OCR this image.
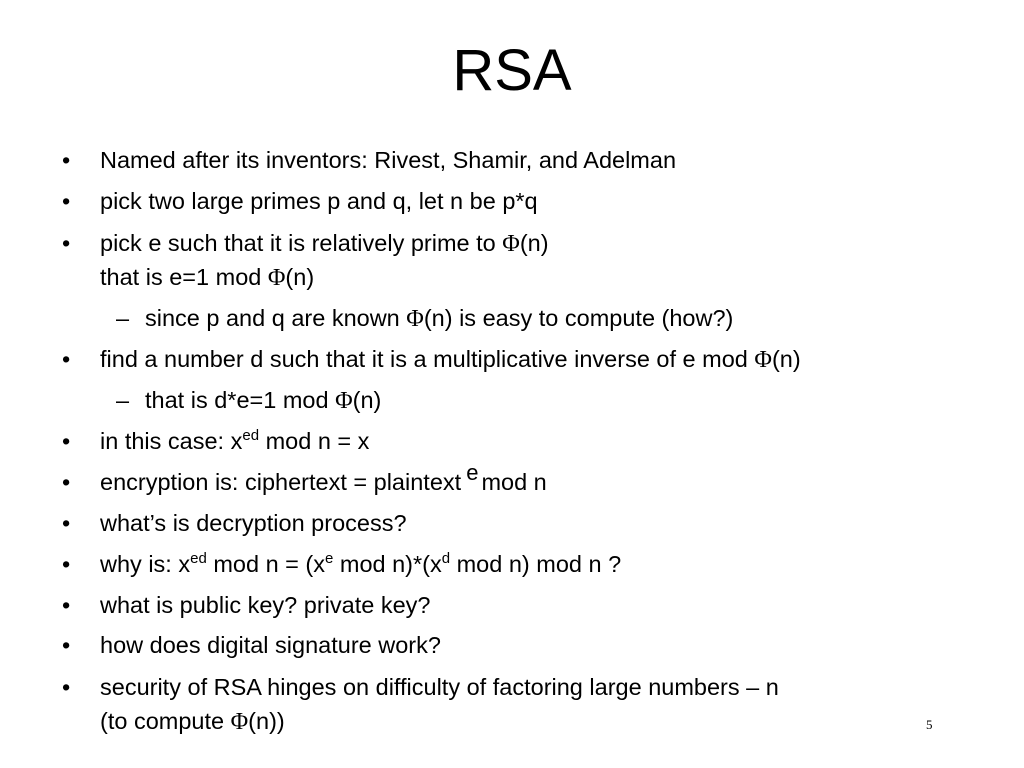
RSA
• Named after its inventors: Rivest, Shamir, and Adelman
• pick two large primes p and q, let n be p*q
• pick e such that it is relatively prime to Φ(n)
that is e=1 mod Φ(n)
– since p and q are known Φ(n) is easy to compute (how?)
• find a number d such that it is a multiplicative inverse of e mod Φ(n)
– that is d*e=1 mod Φ(n)
• in this case: $x^{ed}$ mod n = x
• encryption is: ciphertext = plaintext e mod n
• what’s is decryption process?
• why is: $x^{ed}$ mod $n = (x^e$ mod $n)*(x^d$ mod n) mod n ?
• what is public key? private key?
• how does digital signature work?
• security of RSA hinges on difficulty of factoring large numbers – n
(to compute Φ(n))	5
